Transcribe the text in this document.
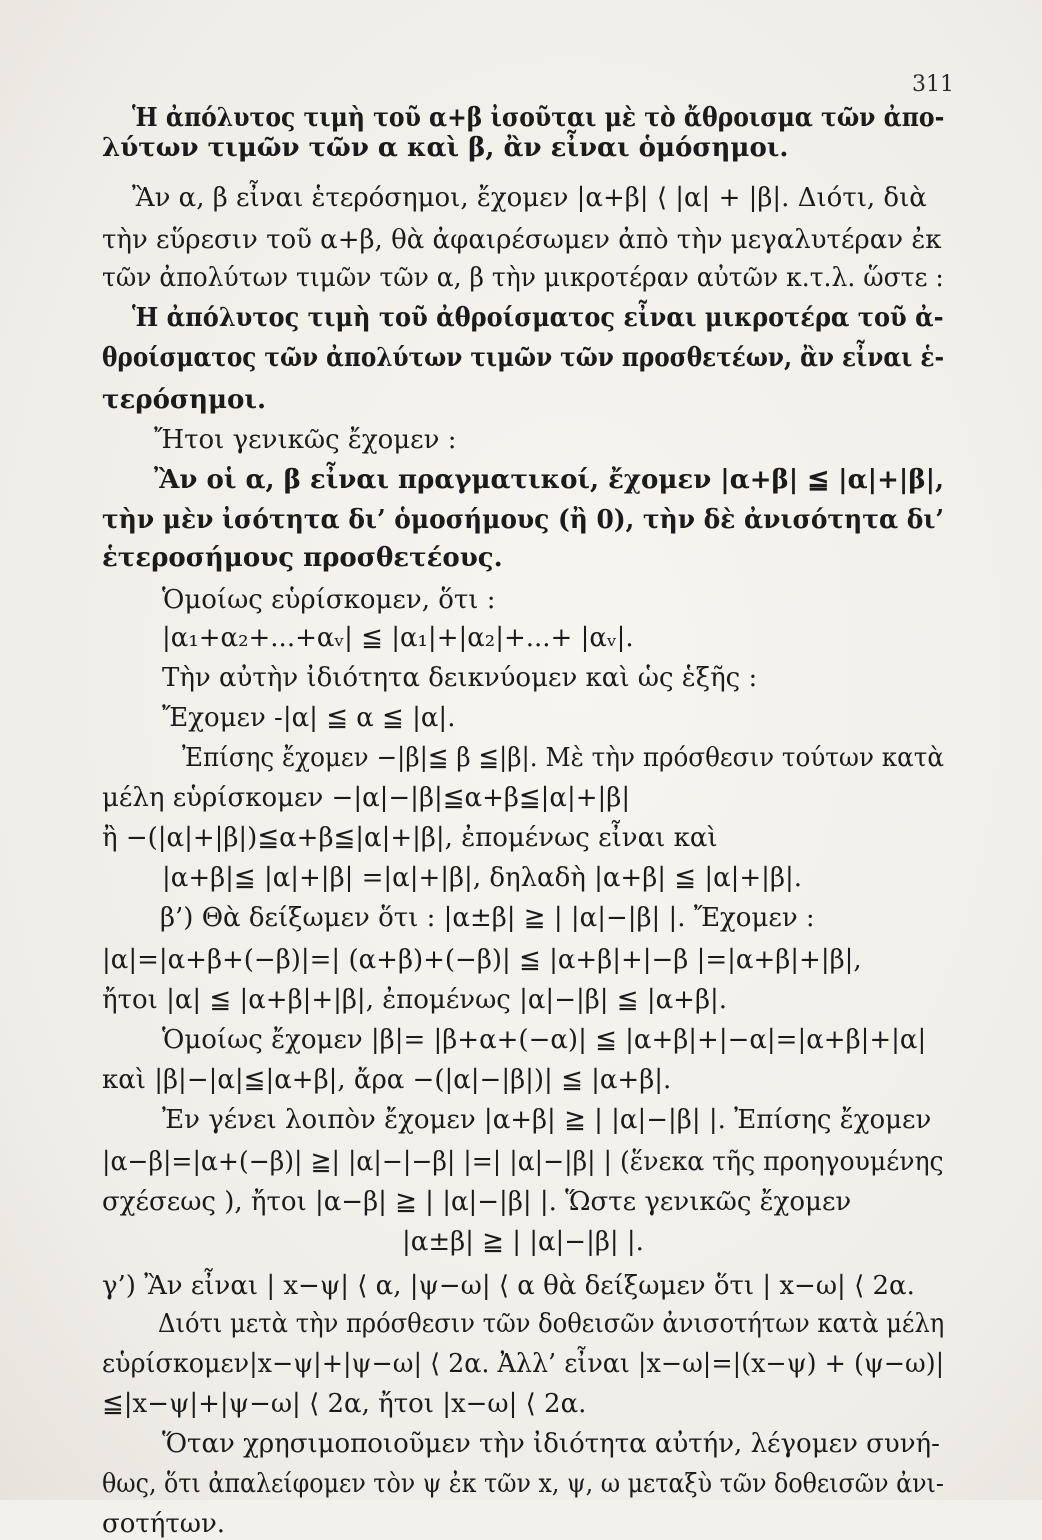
311
Ἡ ἀπόλυτος τιμὴ τοῦ α+β ἰσοῦται μὲ τὸ ἄθροισμα τῶν ἀπο-
λύτων τιμῶν τῶν α καὶ β, ἂν εἶναι ὁμόσημοι.
Ἂν α, β εἶναι ἑτερόσημοι, ἔχομεν |α+β| ⟨ |α| + |β|. Διότι, διὰ
τὴν εὕρεσιν τοῦ α+β, θὰ ἀφαιρέσωμεν ἀπὸ τὴν μεγαλυτέραν ἐκ
τῶν ἀπολύτων τιμῶν τῶν α, β τὴν μικροτέραν αὐτῶν κ.τ.λ. ὥστε :
Ἡ ἀπόλυτος τιμὴ τοῦ ἀθροίσματος εἶναι μικροτέρα τοῦ ἀ-
θροίσματος τῶν ἀπολύτων τιμῶν τῶν προσθετέων, ἂν εἶναι ἑ-
τερόσημοι.
Ἤτοι γενικῶς ἔχομεν :
Ἂν οἱ α, β εἶναι πραγματικοί, ἔχομεν |α+β| ≦ |α|+|β|,
τὴν μὲν ἰσότητα δι’ ὁμοσήμους (ἢ 0), τὴν δὲ ἀνισότητα δι’
ἑτεροσήμους προσθετέους.
Ὁμοίως εὑρίσκομεν, ὅτι :
|α₁+α₂+...+αᵥ| ≦ |α₁|+|α₂|+...+ |αᵥ|.
Τὴν αὐτὴν ἰδιότητα δεικνύομεν καὶ ὡς ἑξῆς :
Ἔχομεν -|α| ≦ α ≦ |α|.
Ἐπίσης ἔχομεν −|β|≦ β ≦|β|. Μὲ τὴν πρόσθεσιν τούτων κατὰ
μέλη εὑρίσκομεν −|α|−|β|≦α+β≦|α|+|β|
ἢ −(|α|+|β|)≦α+β≦|α|+|β|, ἐπομένως εἶναι καὶ
|α+β|≦ |α|+|β| =|α|+|β|, δηλαδὴ |α+β| ≦ |α|+|β|.
β’) Θὰ δείξωμεν ὅτι : |α±β| ≧ | |α|−|β| |. Ἔχομεν :
|α|=|α+β+(−β)|=| (α+β)+(−β)| ≦ |α+β|+|−β |=|α+β|+|β|,
ἤτοι |α| ≦ |α+β|+|β|, ἐπομένως |α|−|β| ≦ |α+β|.
Ὁμοίως ἔχομεν |β|= |β+α+(−α)| ≦ |α+β|+|−α|=|α+β|+|α|
καὶ |β|−|α|≦|α+β|, ἄρα −(|α|−|β|)| ≦ |α+β|.
Ἐν γένει λοιπὸν ἔχομεν |α+β| ≧ | |α|−|β| |. Ἐπίσης ἔχομεν
|α−β|=|α+(−β)| ≧| |α|−|−β| |=| |α|−|β| | (ἕνεκα τῆς προηγουμένης
σχέσεως ), ἤτοι |α−β| ≧ | |α|−|β| |. Ὥστε γενικῶς ἔχομεν
|α±β| ≧ | |α|−|β| |.
γ’) Ἂν εἶναι | x−ψ| ⟨ α, |ψ−ω| ⟨ α θὰ δείξωμεν ὅτι | x−ω| ⟨ 2α.
Διότι μετὰ τὴν πρόσθεσιν τῶν δοθεισῶν ἀνισοτήτων κατὰ μέλη
εὑρίσκομεν|x−ψ|+|ψ−ω| ⟨ 2α. Ἀλλ’ εἶναι |x−ω|=|(x−ψ) + (ψ−ω)|
≦|x−ψ|+|ψ−ω| ⟨ 2α, ἤτοι |x−ω| ⟨ 2α.
Ὅταν χρησιμοποιοῦμεν τὴν ἰδιότητα αὐτήν, λέγομεν συνή-
θως, ὅτι ἀπαλείφομεν τὸν ψ ἐκ τῶν x, ψ, ω μεταξὺ τῶν δοθεισῶν ἀνι-
σοτήτων.
